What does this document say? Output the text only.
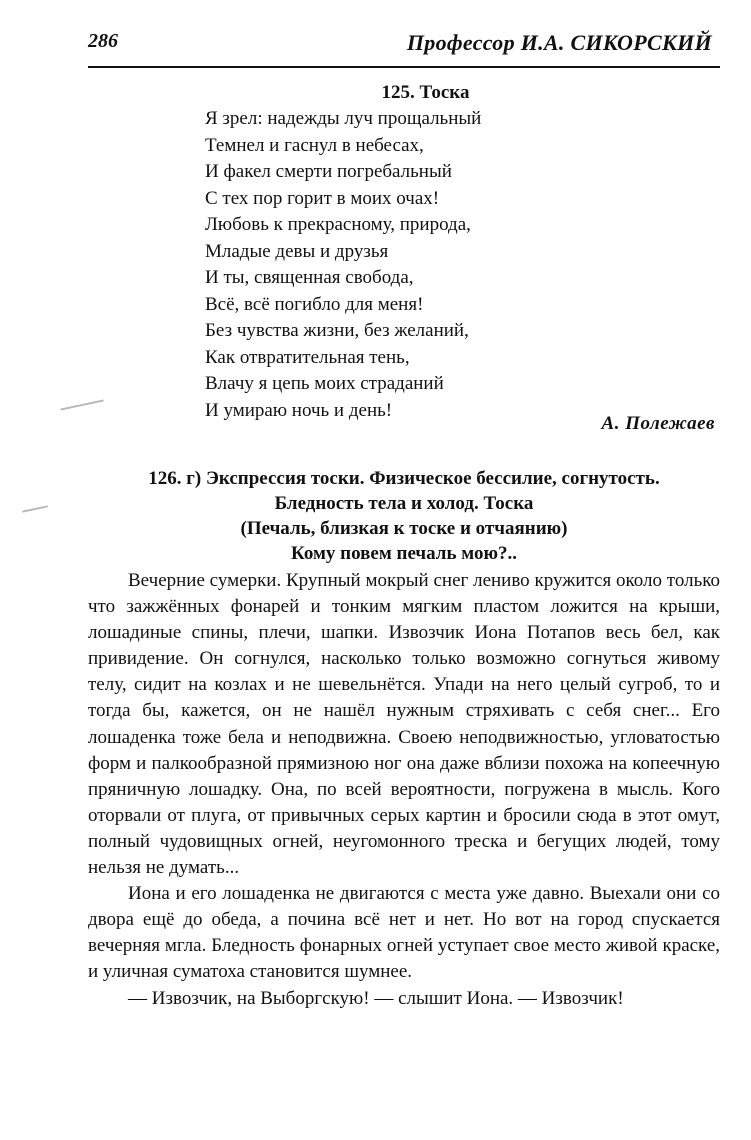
286	Профессор И.А. СИКОРСКИЙ
125. Тоска
Я зрел: надежды луч прощальный
Темнел и гаснул в небесах,
И факел смерти погребальный
С тех пор горит в моих очах!
Любовь к прекрасному, природа,
Младые девы и друзья
И ты, священная свобода,
Всё, всё погибло для меня!
Без чувства жизни, без желаний,
Как отвратительная тень,
Влачу я цепь моих страданий
И умираю ночь и день!
А. Полежаев
126. г) Экспрессия тоски. Физическое бессилие, согнутость.
Бледность тела и холод. Тоска
(Печаль, близкая к тоске и отчаянию)
Кому повем печаль мою?..

Вечерние сумерки. Крупный мокрый снег лениво кружится около только что зажжённых фонарей и тонким мягким пластом ложится на крыши, лошадиные спины, плечи, шапки. Извозчик Иона Потапов весь бел, как привидение. Он согнулся, насколько только возможно согнуться живому телу, сидит на козлах и не шевельнётся. Упади на него целый сугроб, то и тогда бы, кажется, он не нашёл нужным стряхивать с себя снег... Его лошаденка тоже бела и неподвижна. Своею неподвижностью, угловатостью форм и палкообразной прямизною ног она даже вблизи похожа на копеечную пряничную лошадку. Она, по всей вероятности, погружена в мысль. Кого оторвали от плуга, от привычных серых картин и бросили сюда в этот омут, полный чудовищных огней, неугомонного треска и бегущих людей, тому нельзя не думать...

Иона и его лошаденка не двигаются с места уже давно. Выехали они со двора ещё до обеда, а почина всё нет и нет. Но вот на город спускается вечерняя мгла. Бледность фонарных огней уступает свое место живой краске, и уличная суматоха становится шумнее.

— Извозчик, на Выборгскую! — слышит Иона. — Извозчик!
